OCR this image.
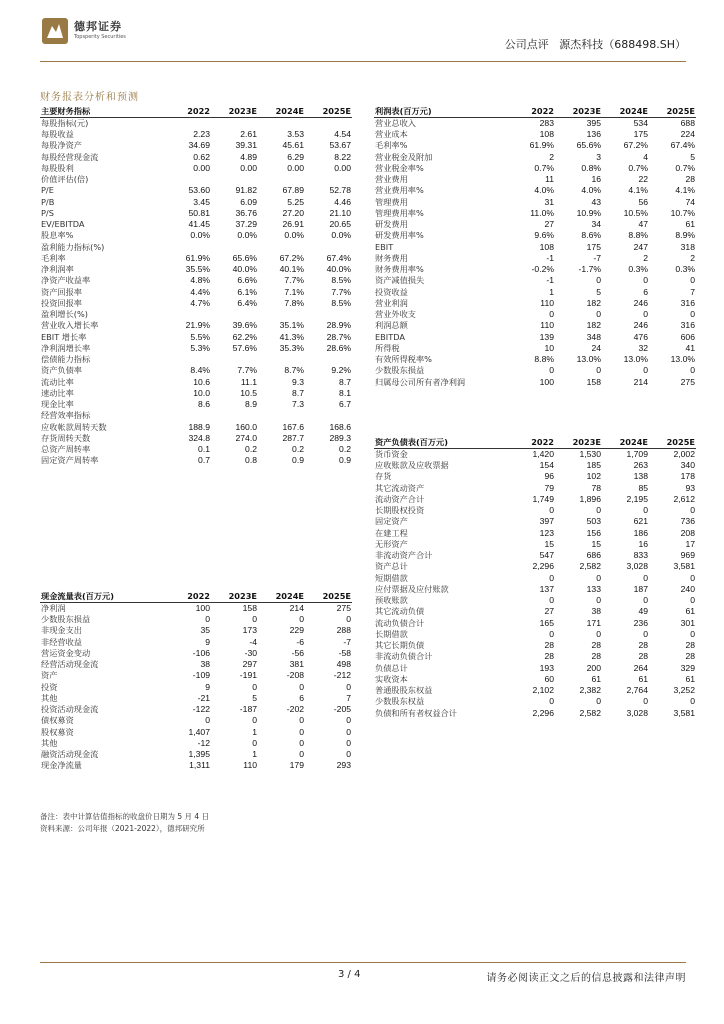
德邦证券
Topsperity Securities
公司点评   源杰科技（688498.SH）
财务报表分析和预测
主要财务指标	2022	2023E	2024E	2025E
每股指标(元)				
每股收益	2.23	2.61	3.53	4.54
每股净资产	34.69	39.31	45.61	53.67
每股经营现金流	0.62	4.89	6.29	8.22
每股股利	0.00	0.00	0.00	0.00
价值评估(倍)				
P/E	53.60	91.82	67.89	52.78
P/B	3.45	6.09	5.25	4.46
P/S	50.81	36.76	27.20	21.10
EV/EBITDA	41.45	37.29	26.91	20.65
股息率%	0.0%	0.0%	0.0%	0.0%
盈利能力指标(%)				
毛利率	61.9%	65.6%	67.2%	67.4%
净利润率	35.5%	40.0%	40.1%	40.0%
净资产收益率	4.8%	6.6%	7.7%	8.5%
资产回报率	4.4%	6.1%	7.1%	7.7%
投资回报率	4.7%	6.4%	7.8%	8.5%
盈利增长(%)				
营业收入增长率	21.9%	39.6%	35.1%	28.9%
EBIT 增长率	5.5%	62.2%	41.3%	28.7%
净利润增长率	5.3%	57.6%	35.3%	28.6%
偿债能力指标				
资产负债率	8.4%	7.7%	8.7%	9.2%
流动比率	10.6	11.1	9.3	8.7
速动比率	10.0	10.5	8.7	8.1
现金比率	8.6	8.9	7.3	6.7
经营效率指标				
应收帐款周转天数	188.9	160.0	167.6	168.6
存货周转天数	324.8	274.0	287.7	289.3
总资产周转率	0.1	0.2	0.2	0.2
固定资产周转率	0.7	0.8	0.9	0.9
利润表(百万元)	2022	2023E	2024E	2025E
营业总收入	283	395	534	688
营业成本	108	136	175	224
毛利率%	61.9%	65.6%	67.2%	67.4%
营业税金及附加	2	3	4	5
营业税金率%	0.7%	0.8%	0.7%	0.7%
营业费用	11	16	22	28
营业费用率%	4.0%	4.0%	4.1%	4.1%
管理费用	31	43	56	74
管理费用率%	11.0%	10.9%	10.5%	10.7%
研发费用	27	34	47	61
研发费用率%	9.6%	8.6%	8.8%	8.9%
EBIT	108	175	247	318
财务费用	-1	-7	2	2
财务费用率%	-0.2%	-1.7%	0.3%	0.3%
资产减值损失	-1	0	0	0
投资收益	1	5	6	7
营业利润	110	182	246	316
营业外收支	0	0	0	0
利润总额	110	182	246	316
EBITDA	139	348	476	606
所得税	10	24	32	41
有效所得税率%	8.8%	13.0%	13.0%	13.0%
少数股东损益	0	0	0	0
归属母公司所有者净利润	100	158	214	275
资产负债表(百万元)	2022	2023E	2024E	2025E
货币资金	1,420	1,530	1,709	2,002
应收账款及应收票据	154	185	263	340
存货	96	102	138	178
其它流动资产	79	78	85	93
流动资产合计	1,749	1,896	2,195	2,612
长期股权投资	0	0	0	0
固定资产	397	503	621	736
在建工程	123	156	186	208
无形资产	15	15	16	17
非流动资产合计	547	686	833	969
资产总计	2,296	2,582	3,028	3,581
短期借款	0	0	0	0
应付票据及应付账款	137	133	187	240
预收账款	0	0	0	0
其它流动负债	27	38	49	61
流动负债合计	165	171	236	301
长期借款	0	0	0	0
其它长期负债	28	28	28	28
非流动负债合计	28	28	28	28
负债总计	193	200	264	329
实收资本	60	61	61	61
普通股股东权益	2,102	2,382	2,764	3,252
少数股东权益	0	0	0	0
负债和所有者权益合计	2,296	2,582	3,028	3,581
现金流量表(百万元)	2022	2023E	2024E	2025E
净利润	100	158	214	275
少数股东损益	0	0	0	0
非现金支出	35	173	229	288
非经营收益	9	-4	-6	-7
营运资金变动	-106	-30	-56	-58
经营活动现金流	38	297	381	498
资产	-109	-191	-208	-212
投资	9	0	0	0
其他	-21	5	6	7
投资活动现金流	-122	-187	-202	-205
债权募资	0	0	0	0
股权募资	1,407	1	0	0
其他	-12	0	0	0
融资活动现金流	1,395	1	0	0
现金净流量	1,311	110	179	293
备注：表中计算估值指标的收盘价日期为 5 月 4 日
资料来源：公司年报（2021-2022），德邦研究所
3 / 4	请务必阅读正文之后的信息披露和法律声明
